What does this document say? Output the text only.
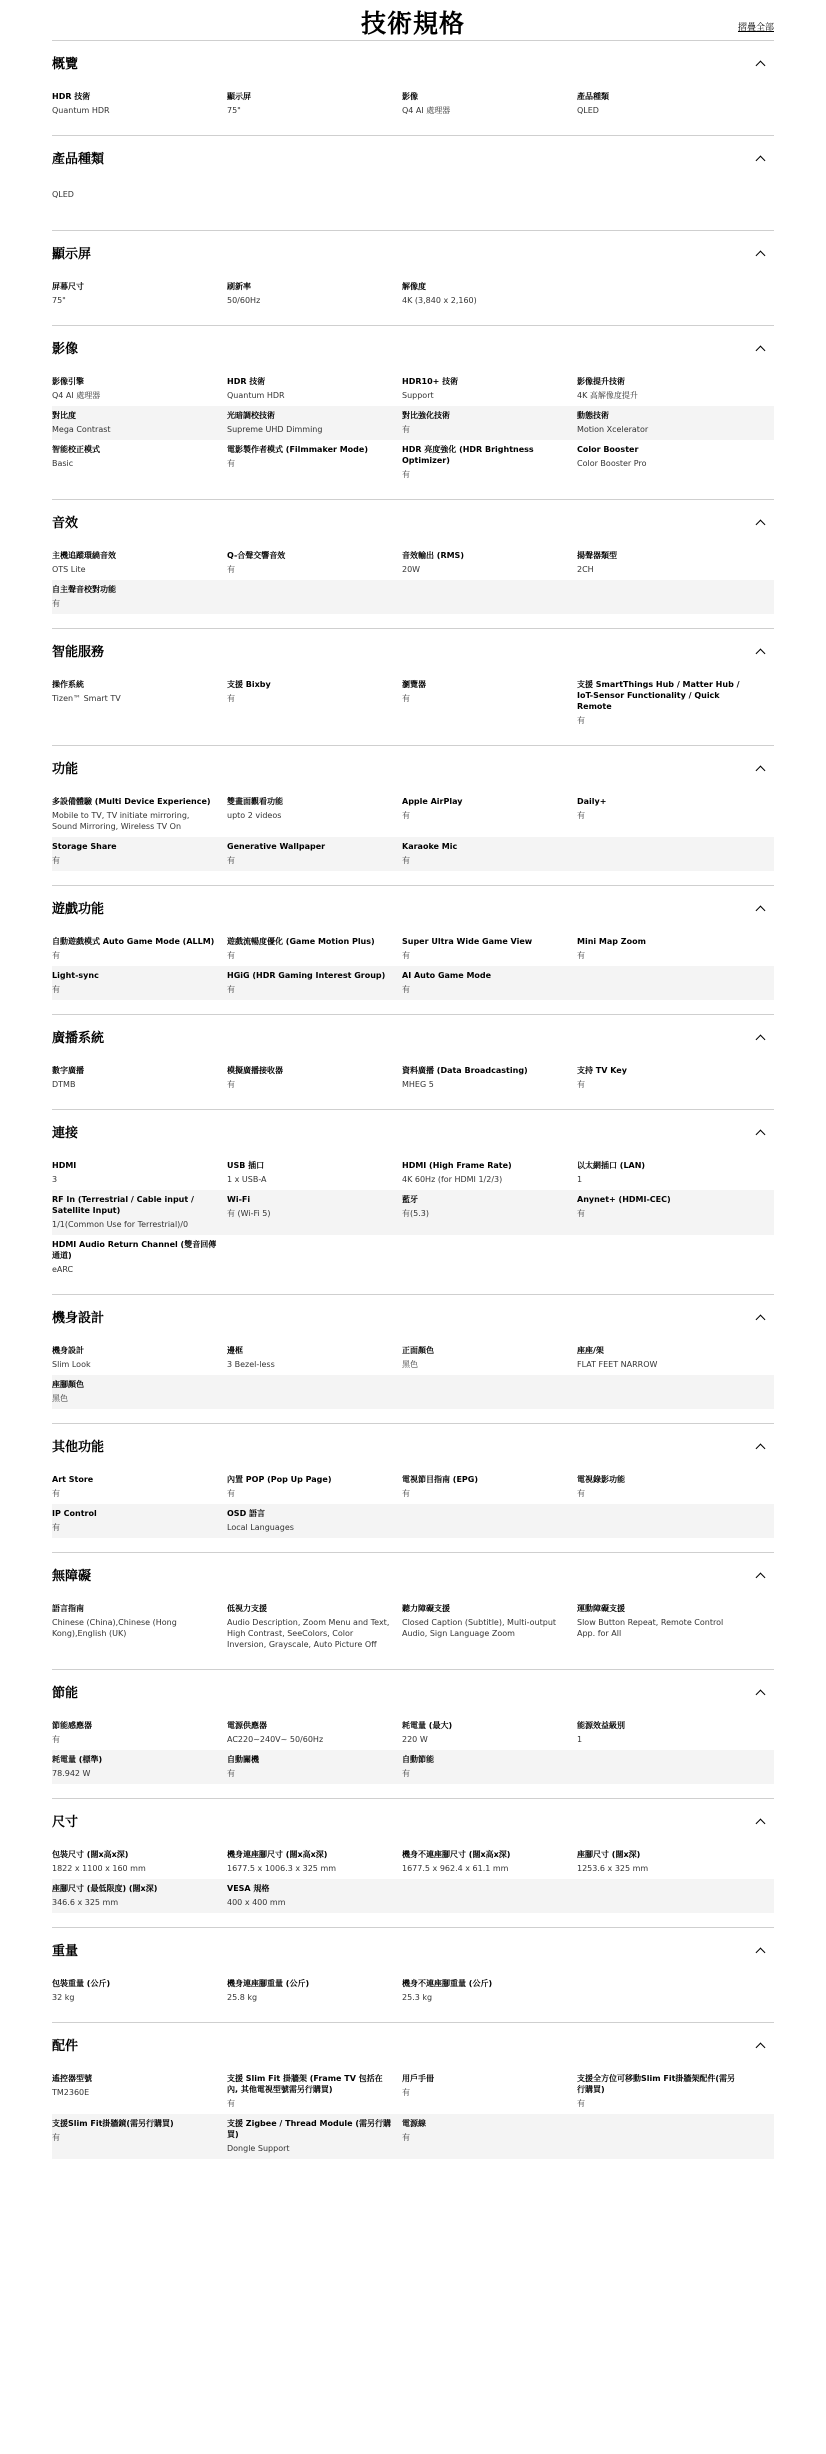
技術規格	摺疊全部
概覽
HDR 技術
Quantum HDR
顯示屏
75"
影像
Q4 AI 處理器
產品種類
QLED
產品種類
QLED
顯示屏
屏幕尺寸
75"
刷新率
50/60Hz
解像度
4K (3,840 x 2,160)
影像
影像引擎
Q4 AI 處理器
HDR 技術
Quantum HDR
HDR10+ 技術
Support
影像提升技術
4K 高解像度提升
對比度
Mega Contrast
光暗調校技術
Supreme UHD Dimming
對比強化技術
有
動態技術
Motion Xcelerator
智能校正模式
Basic
電影製作者模式 (Filmmaker Mode)
有
HDR 亮度強化 (HDR Brightness Optimizer)
有
Color Booster
Color Booster Pro
音效
主機追蹤環繞音效
OTS Lite
Q-合聲交響音效
有
音效輸出 (RMS)
20W
揚聲器類型
2CH
自主聲音校對功能
有
智能服務
操作系統
Tizen™ Smart TV
支援 Bixby
有
瀏覽器
有
支援 SmartThings Hub / Matter Hub / IoT-Sensor Functionality / Quick Remote
有
功能
多設備體驗 (Multi Device Experience)
Mobile to TV, TV initiate mirroring, Sound Mirroring, Wireless TV On
雙畫面觀看功能
upto 2 videos
Apple AirPlay
有
Daily+
有
Storage Share
有
Generative Wallpaper
有
Karaoke Mic
有
遊戲功能
自動遊戲模式 Auto Game Mode (ALLM)
有
遊戲流暢度優化 (Game Motion Plus)
有
Super Ultra Wide Game View
有
Mini Map Zoom
有
Light-sync
有
HGiG (HDR Gaming Interest Group)
有
AI Auto Game Mode
有
廣播系統
數字廣播
DTMB
模擬廣播接收器
有
資料廣播 (Data Broadcasting)
MHEG 5
支持 TV Key
有
連接
HDMI
3
USB 插口
1 x USB-A
HDMI (High Frame Rate)
4K 60Hz (for HDMI 1/2/3)
以太網插口 (LAN)
1
RF In (Terrestrial / Cable input / Satellite Input)
1/1(Common Use for Terrestrial)/0
Wi-Fi
有 (Wi-Fi 5)
藍牙
有(5.3)
Anynet+ (HDMI-CEC)
有
HDMI Audio Return Channel (雙音回傳通道)
eARC
機身設計
機身設計
Slim Look
邊框
3 Bezel-less
正面顏色
黑色
座座/架
FLAT FEET NARROW
座腳顏色
黑色
其他功能
Art Store
有
內置 POP (Pop Up Page)
有
電視節目指南 (EPG)
有
電視錄影功能
有
IP Control
有
OSD 語言
Local Languages
無障礙
語言指南
Chinese (China),Chinese (Hong Kong),English (UK)
低視力支援
Audio Description, Zoom Menu and Text, High Contrast, SeeColors, Color Inversion, Grayscale, Auto Picture Off
聽力障礙支援
Closed Caption (Subtitle), Multi-output Audio, Sign Language Zoom
運動障礙支援
Slow Button Repeat, Remote Control App. for All
節能
節能感應器
有
電源供應器
AC220~240V~ 50/60Hz
耗電量 (最大)
220 W
能源效益級別
1
耗電量 (標準)
78.942 W
自動關機
有
自動節能
有
尺寸
包裝尺寸 (闊x高x深)
1822 x 1100 x 160 mm
機身連座腳尺寸 (闊x高x深)
1677.5 x 1006.3 x 325 mm
機身不連座腳尺寸 (闊x高x深)
1677.5 x 962.4 x 61.1 mm
座腳尺寸 (闊x深)
1253.6 x 325 mm
座腳尺寸 (最低限度) (闊x深)
346.6 x 325 mm
VESA 規格
400 x 400 mm
重量
包裝重量 (公斤)
32 kg
機身連座腳重量 (公斤)
25.8 kg
機身不連座腳重量 (公斤)
25.3 kg
配件
遙控器型號
TM2360E
支援 Slim Fit 掛牆架 (Frame TV 包括在內, 其他電視型號需另行購買)
有
用戶手冊
有
支援全方位可移動Slim Fit掛牆架配件(需另行購買)
有
支援Slim Fit掛牆鏡(需另行購買)
有
支援 Zigbee / Thread Module (需另行購買)
Dongle Support
電源線
有
